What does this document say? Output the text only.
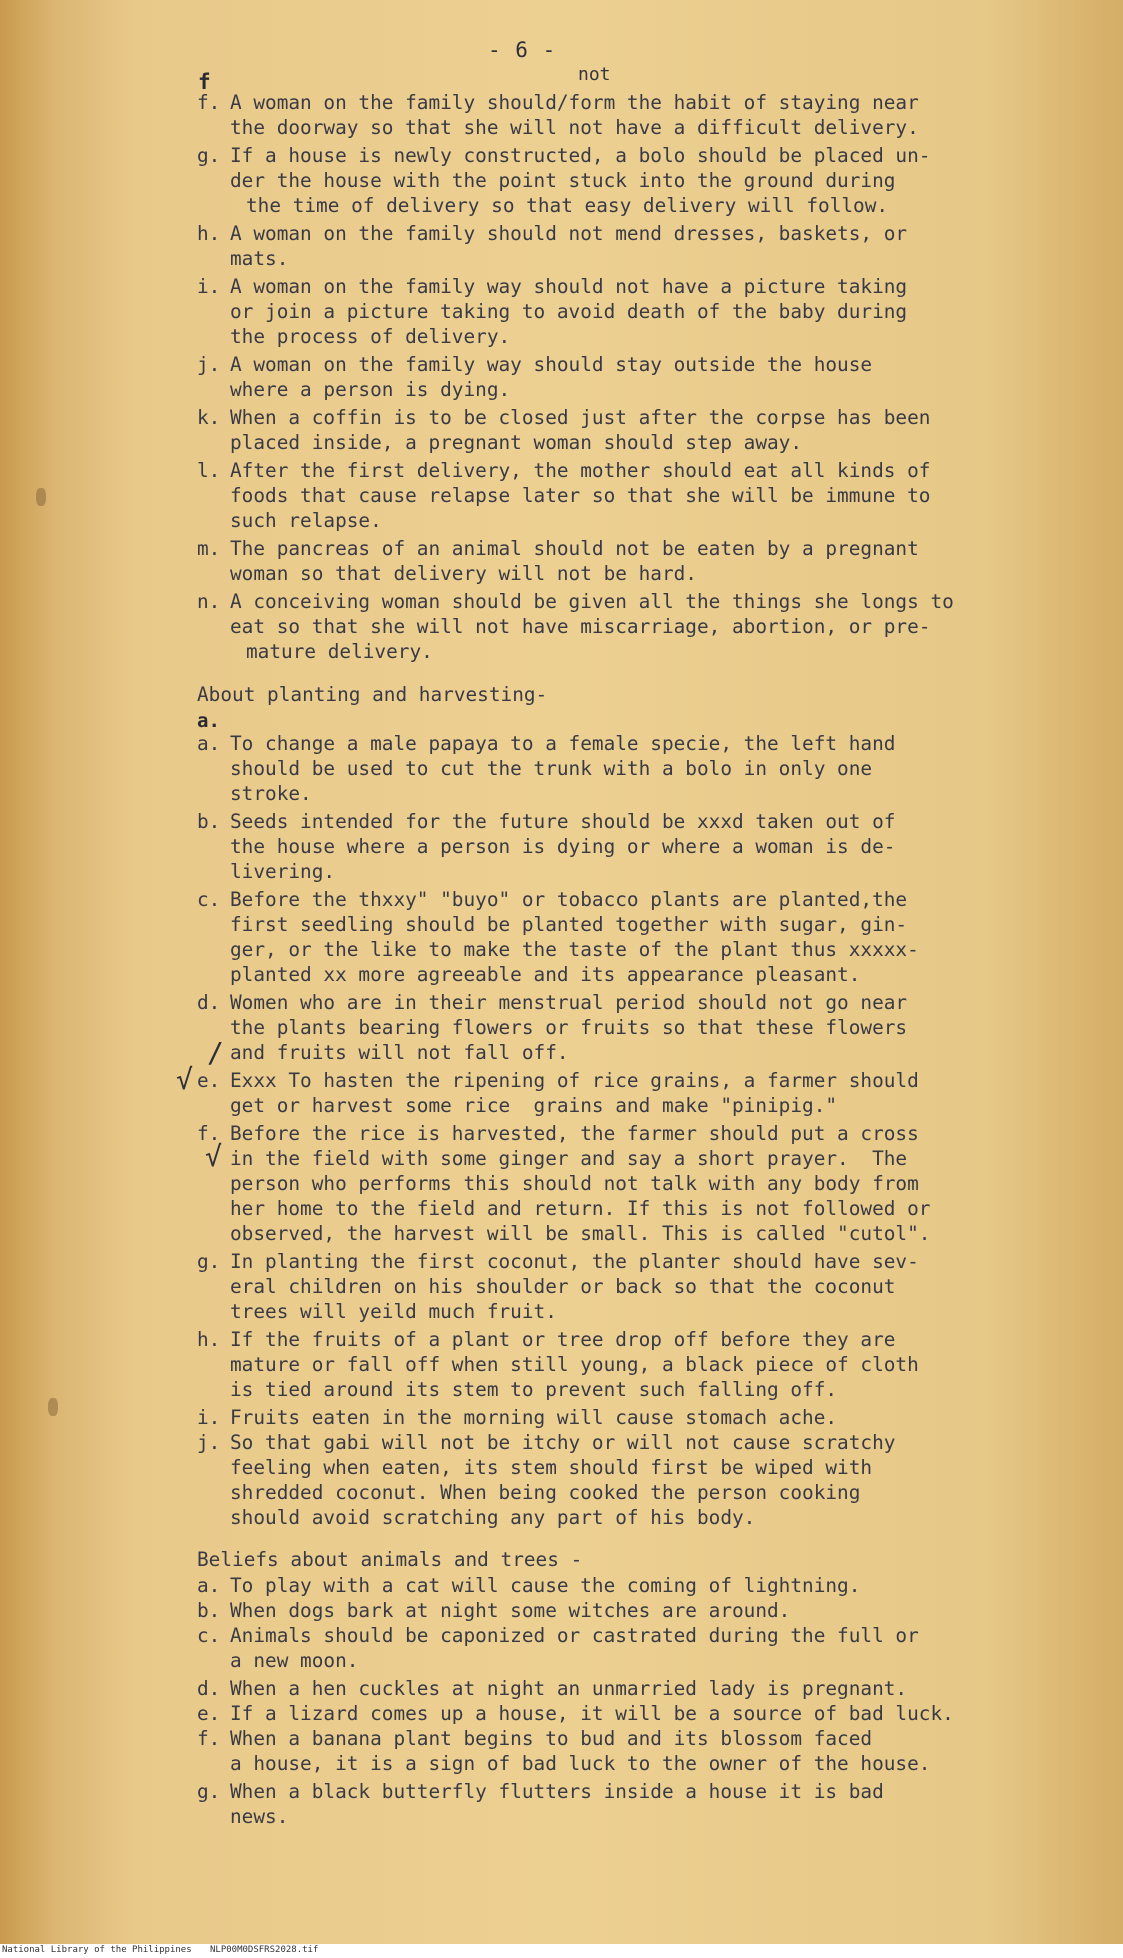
- 6 -
f	not
f. A woman on the family should/form the habit of staying near
the doorway so that she will not have a difficult delivery.
g. If a house is newly constructed, a bolo should be placed un-
der the house with the point stuck into the ground during
the time of delivery so that easy delivery will follow.
h. A woman on the family should not mend dresses, baskets, or
mats.
i. A woman on the family way should not have a picture taking
or join a picture taking to avoid death of the baby during
the process of delivery.
j. A woman on the family way should stay outside the house
where a person is dying.
k. When a coffin is to be closed just after the corpse has been
placed inside, a pregnant woman should step away.
l. After the first delivery, the mother should eat all kinds of
foods that cause relapse later so that she will be immune to
such relapse.
m. The pancreas of an animal should not be eaten by a pregnant
woman so that delivery will not be hard.
n. A conceiving woman should be given all the things she longs to
eat so that she will not have miscarriage, abortion, or pre-
mature delivery.
About planting and harvesting-
a.
a. To change a male papaya to a female specie, the left hand
should be used to cut the trunk with a bolo in only one
stroke.
b. Seeds intended for the future should be xxxd taken out of
the house where a person is dying or where a woman is de-
livering.
c. Before the thxxy" "buyo" or tobacco plants are planted,the
first seedling should be planted together with sugar, gin-
ger, or the like to make the taste of the plant thus xxxxx-
planted xx more agreeable and its appearance pleasant.
d. Women who are in their menstrual period should not go near
the plants bearing flowers or fruits so that these flowers
and fruits will not fall off.
e. Exxx To hasten the ripening of rice grains, a farmer should
get or harvest some rice  grains and make "pinipig."
f. Before the rice is harvested, the farmer should put a cross
in the field with some ginger and say a short prayer.  The
person who performs this should not talk with any body from
her home to the field and return. If this is not followed or
observed, the harvest will be small. This is called "cutol".
g. In planting the first coconut, the planter should have sev-
eral children on his shoulder or back so that the coconut
trees will yeild much fruit.
h. If the fruits of a plant or tree drop off before they are
mature or fall off when still young, a black piece of cloth
is tied around its stem to prevent such falling off.
i. Fruits eaten in the morning will cause stomach ache.
j. So that gabi will not be itchy or will not cause scratchy
feeling when eaten, its stem should first be wiped with
shredded coconut. When being cooked the person cooking
should avoid scratching any part of his body.
Beliefs about animals and trees -
a. To play with a cat will cause the coming of lightning.
b. When dogs bark at night some witches are around.
c. Animals should be caponized or castrated during the full or
a new moon.
d. When a hen cuckles at night an unmarried lady is pregnant.
e. If a lizard comes up a house, it will be a source of bad luck.
f. When a banana plant begins to bud and its blossom faced
a house, it is a sign of bad luck to the owner of the house.
g. When a black butterfly flutters inside a house it is bad
news.
/
√
√
National Library of the Philippines NLP00M0DSFRS2028.tif
